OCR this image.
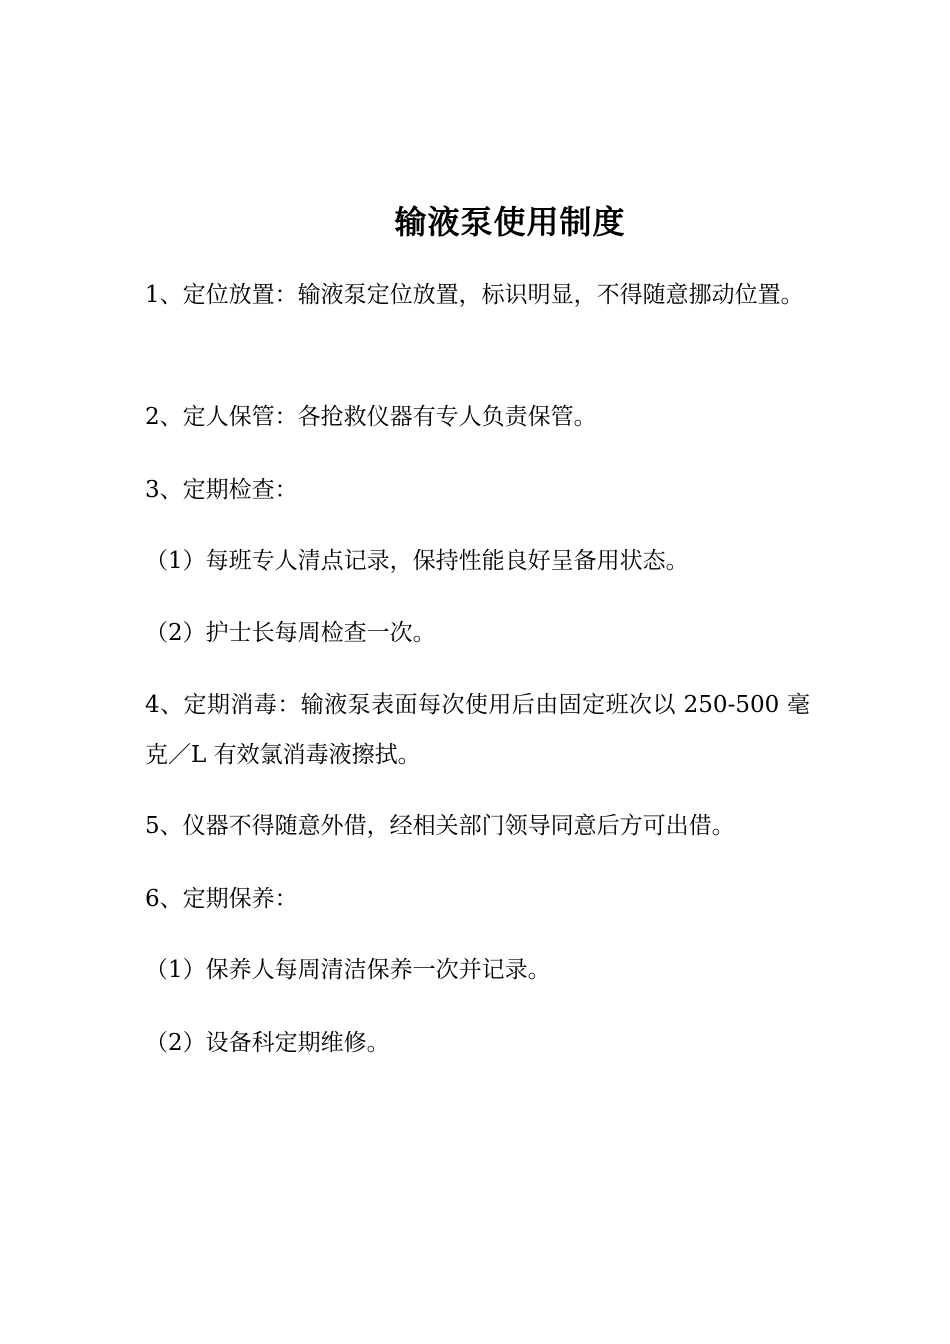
输液泵使用制度
1、定位放置：输液泵定位放置，标识明显，不得随意挪动位置。
2、定人保管：各抢救仪器有专人负责保管。
3、定期检查：
（1）每班专人清点记录，保持性能良好呈备用状态。
（2）护士长每周检查一次。
4、定期消毒：输液泵表面每次使用后由固定班次以 250-500 毫克／L 有效氯消毒液擦拭。
5、仪器不得随意外借，经相关部门领导同意后方可出借。
6、定期保养：
（1）保养人每周清洁保养一次并记录。
（2）设备科定期维修。
